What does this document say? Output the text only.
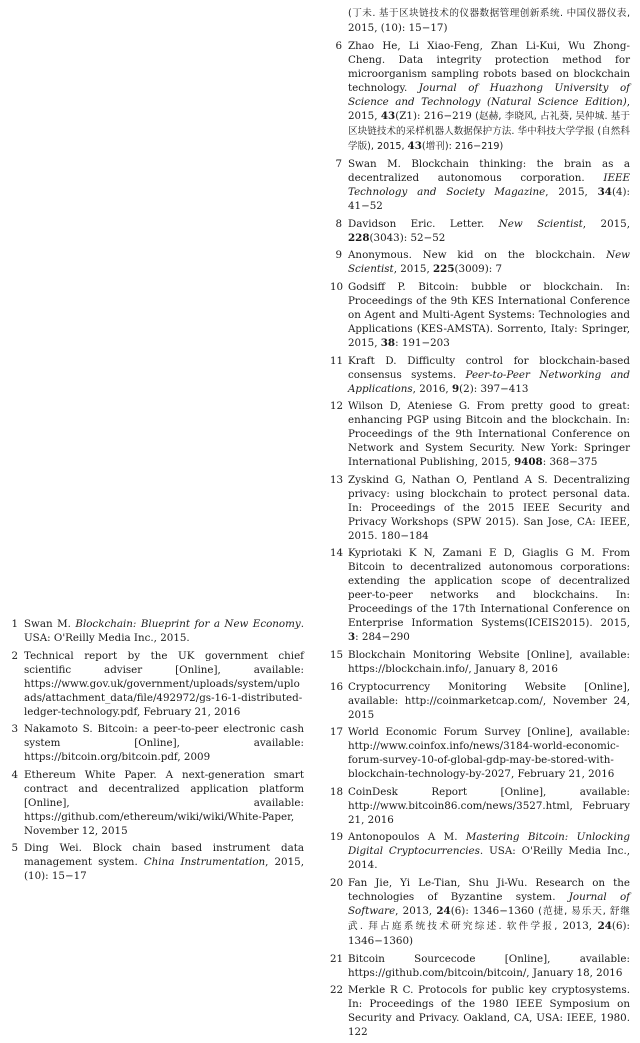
1 Swan M. Blockchain: Blueprint for a New Economy. USA: O'Reilly Media Inc., 2015.
2 Technical report by the UK government chief scientific adviser [Online], available: https://www.gov.uk/government/uploads/system/uploads/attachment_data/file/492972/gs-16-1-distributed-ledger-technology.pdf, February 21, 2016
3 Nakamoto S. Bitcoin: a peer-to-peer electronic cash system [Online], available: https://bitcoin.org/bitcoin.pdf, 2009
4 Ethereum White Paper. A next-generation smart contract and decentralized application platform [Online], available: https://github.com/ethereum/wiki/wiki/White-Paper, November 12, 2015
5 Ding Wei. Block chain based instrument data management system. China Instrumentation, 2015, (10): 15−17
(丁未. 基于区块链技术的仪器数据管理创新系统. 中国仪器仪表, 2015, (10): 15−17)
6 Zhao He, Li Xiao-Feng, Zhan Li-Kui, Wu Zhong-Cheng. Data integrity protection method for microorganism sampling robots based on blockchain technology. Journal of Huazhong University of Science and Technology (Natural Science Edition), 2015, 43(Z1): 216−219 (赵赫, 李晓风, 占礼葵, 吴仲城. 基于区块链技术的采样机器人数据保护方法. 华中科技大学学报 (自然科学版), 2015, 43(增刊): 216−219)
7 Swan M. Blockchain thinking: the brain as a decentralized autonomous corporation. IEEE Technology and Society Magazine, 2015, 34(4): 41−52
8 Davidson Eric. Letter. New Scientist, 2015, 228(3043): 52−52
9 Anonymous. New kid on the blockchain. New Scientist, 2015, 225(3009): 7
10 Godsiff P. Bitcoin: bubble or blockchain. In: Proceedings of the 9th KES International Conference on Agent and Multi-Agent Systems: Technologies and Applications (KES-AMSTA). Sorrento, Italy: Springer, 2015, 38: 191−203
11 Kraft D. Difficulty control for blockchain-based consensus systems. Peer-to-Peer Networking and Applications, 2016, 9(2): 397−413
12 Wilson D, Ateniese G. From pretty good to great: enhancing PGP using Bitcoin and the blockchain. In: Proceedings of the 9th International Conference on Network and System Security. New York: Springer International Publishing, 2015, 9408: 368−375
13 Zyskind G, Nathan O, Pentland A S. Decentralizing privacy: using blockchain to protect personal data. In: Proceedings of the 2015 IEEE Security and Privacy Workshops (SPW 2015). San Jose, CA: IEEE, 2015. 180−184
14 Kypriotaki K N, Zamani E D, Giaglis G M. From Bitcoin to decentralized autonomous corporations: extending the application scope of decentralized peer-to-peer networks and blockchains. In: Proceedings of the 17th International Conference on Enterprise Information Systems(ICEIS2015). 2015, 3: 284−290
15 Blockchain Monitoring Website [Online], available: https://blockchain.info/, January 8, 2016
16 Cryptocurrency Monitoring Website [Online], available: http://coinmarketcap.com/, November 24, 2015
17 World Economic Forum Survey [Online], available: http://www.coinfox.info/news/3184-world-economic-forum-survey-10-of-global-gdp-may-be-stored-with-blockchain-technology-by-2027, February 21, 2016
18 CoinDesk Report [Online], available: http://www.bitcoin86.com/news/3527.html, February 21, 2016
19 Antonopoulos A M. Mastering Bitcoin: Unlocking Digital Cryptocurrencies. USA: O'Reilly Media Inc., 2014.
20 Fan Jie, Yi Le-Tian, Shu Ji-Wu. Research on the technologies of Byzantine system. Journal of Software, 2013, 24(6): 1346−1360 (范捷, 易乐天, 舒继武. 拜占庭系统技术研究综述. 软件学报, 2013, 24(6): 1346−1360)
21 Bitcoin Sourcecode [Online], available: https://github.com/bitcoin/bitcoin/, January 18, 2016
22 Merkle R C. Protocols for public key cryptosystems. In: Proceedings of the 1980 IEEE Symposium on Security and Privacy. Oakland, CA, USA: IEEE, 1980. 122
